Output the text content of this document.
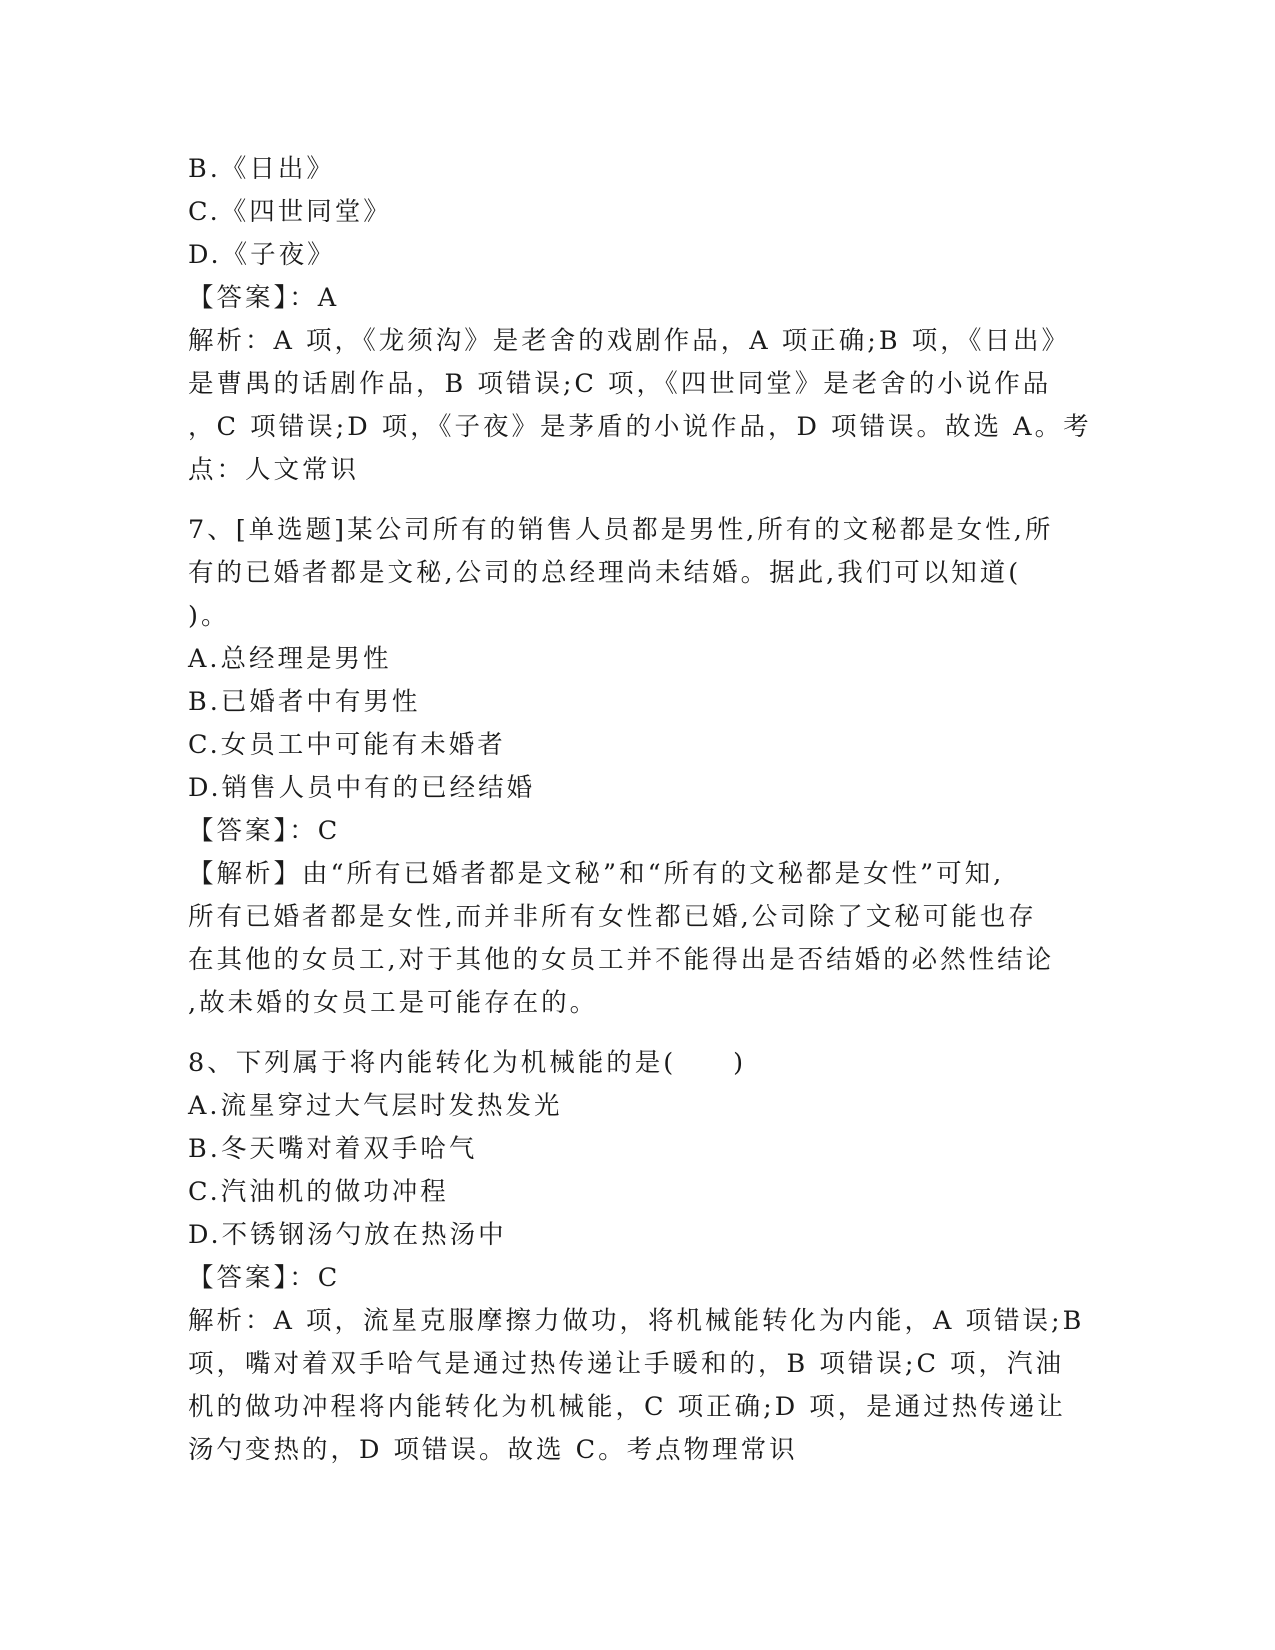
B.《日出》
C.《四世同堂》
D.《子夜》
【答案】：A
解析：A 项，《龙须沟》是老舍的戏剧作品，A 项正确;B 项，《日出》
是曹禺的话剧作品，B 项错误;C 项，《四世同堂》是老舍的小说作品
，C 项错误;D 项，《子夜》是茅盾的小说作品，D 项错误。故选 A。考
点：人文常识
7、[单选题]某公司所有的销售人员都是男性,所有的文秘都是女性,所
有的已婚者都是文秘,公司的总经理尚未结婚。据此,我们可以知道(
)。
A.总经理是男性
B.已婚者中有男性
C.女员工中可能有未婚者
D.销售人员中有的已经结婚
【答案】：C
【解析】由“所有已婚者都是文秘”和“所有的文秘都是女性”可知,
所有已婚者都是女性,而并非所有女性都已婚,公司除了文秘可能也存
在其他的女员工,对于其他的女员工并不能得出是否结婚的必然性结论
,故未婚的女员工是可能存在的。
8、下列属于将内能转化为机械能的是(　　)
A.流星穿过大气层时发热发光
B.冬天嘴对着双手哈气
C.汽油机的做功冲程
D.不锈钢汤勺放在热汤中
【答案】：C
解析：A 项，流星克服摩擦力做功，将机械能转化为内能，A 项错误;B
项，嘴对着双手哈气是通过热传递让手暖和的，B 项错误;C 项，汽油
机的做功冲程将内能转化为机械能，C 项正确;D 项，是通过热传递让
汤勺变热的，D 项错误。故选 C。考点物理常识
